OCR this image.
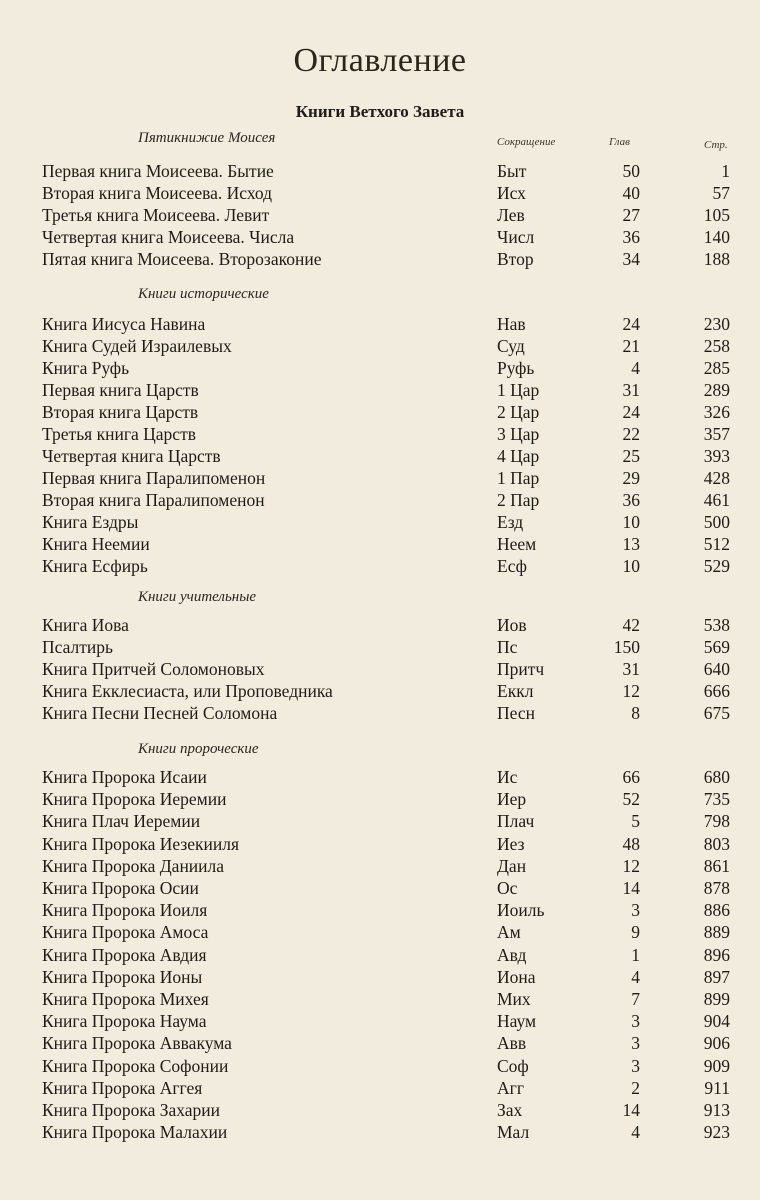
Оглавление
Книги Ветхого Завета
Пятикнижие Моисея	Сокращение	Глав	Стр.
Книги исторические
Книги учительные
Книги пророческие
Первая книга Моисеева. Бытие	Быт	50	1
Вторая книга Моисеева. Исход	Исх	40	57
Третья книга Моисеева. Левит	Лев	27	105
Четвертая книга Моисеева. Числа	Числ	36	140
Пятая книга Моисеева. Второзаконие	Втор	34	188
Книга Иисуса Навина	Нав	24	230
Книга Судей Израилевых	Суд	21	258
Книга Руфь	Руфь	4	285
Первая книга Царств	1 Цар	31	289
Вторая книга Царств	2 Цар	24	326
Третья книга Царств	3 Цар	22	357
Четвертая книга Царств	4 Цар	25	393
Первая книга Паралипоменон	1 Пар	29	428
Вторая книга Паралипоменон	2 Пар	36	461
Книга Ездры	Езд	10	500
Книга Неемии	Неем	13	512
Книга Есфирь	Есф	10	529
Книга Иова	Иов	42	538
Псалтирь	Пс	150	569
Книга Притчей Соломоновых	Притч	31	640
Книга Екклесиаста, или Проповедника	Еккл	12	666
Книга Песни Песней Соломона	Песн	8	675
Книга Пророка Исаии	Ис	66	680
Книга Пророка Иеремии	Иер	52	735
Книга Плач Иеремии	Плач	5	798
Книга Пророка Иезекииля	Иез	48	803
Книга Пророка Даниила	Дан	12	861
Книга Пророка Осии	Ос	14	878
Книга Пророка Иоиля	Иоиль	3	886
Книга Пророка Амоса	Ам	9	889
Книга Пророка Авдия	Авд	1	896
Книга Пророка Ионы	Иона	4	897
Книга Пророка Михея	Мих	7	899
Книга Пророка Наума	Наум	3	904
Книга Пророка Аввакума	Авв	3	906
Книга Пророка Софонии	Соф	3	909
Книга Пророка Аггея	Агг	2	911
Книга Пророка Захарии	Зах	14	913
Книга Пророка Малахии	Мал	4	923
